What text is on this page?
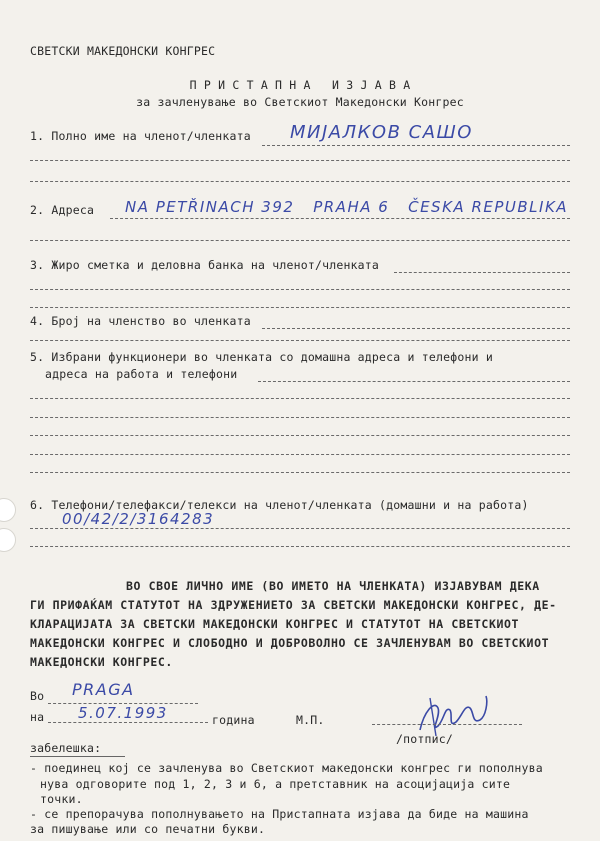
СВЕТСКИ МАКЕДОНСКИ КОНГРЕС
П Р И С Т А П Н А   И З Ј А В А
за зачленување во Светскиот Македонски Конгрес
1. Полно име на членот/членката МИЈАЛКОВ САШО
2. Адреса NA PETŘINACH 392   PRAHA 6   ČESKA REPUBLIKA
3. Жиро сметка и деловна банка на членот/членката
4. Број на членство во членката
5. Избрани функционери во членката со домашна адреса и телефони и
адреса на работа и телефони
6. Телефони/телефакси/телекси на членот/членката (домашни и на работа)
00/42/2/3164283
ВО СВОЕ ЛИЧНО ИМЕ (ВО ИМЕТО НА ЧЛЕНКАТА) ИЗЈАВУВАМ ДЕКА
ГИ ПРИФАЌАМ СТАТУТОТ НА ЗДРУЖЕНИЕТО ЗА СВЕТСКИ МАКЕДОНСКИ КОНГРЕС, ДЕ-
КЛАРАЦИЈАТА ЗА СВЕТСКИ МАКЕДОНСКИ КОНГРЕС И СТАТУТОТ НА СВЕТСКИОТ
МАКЕДОНСКИ КОНГРЕС И СЛОБОДНО И ДОБРОВОЛНО СЕ ЗАЧЛЕНУВАМ ВО СВЕТСКИОТ
МАКЕДОНСКИ КОНГРЕС.
Во PRAGA
на 5.07.1993	година	М.П.
/потпис/
забелешка:
- поединец кој се зачленува во Светскиот македонски конгрес ги пополнува
нува одговорите под 1, 2, 3 и 6, а претставник на асоцијација сите
точки.
- се препорачува пополнувањето на Пристапната изјава да биде на машина
за пишување или со печатни букви.
